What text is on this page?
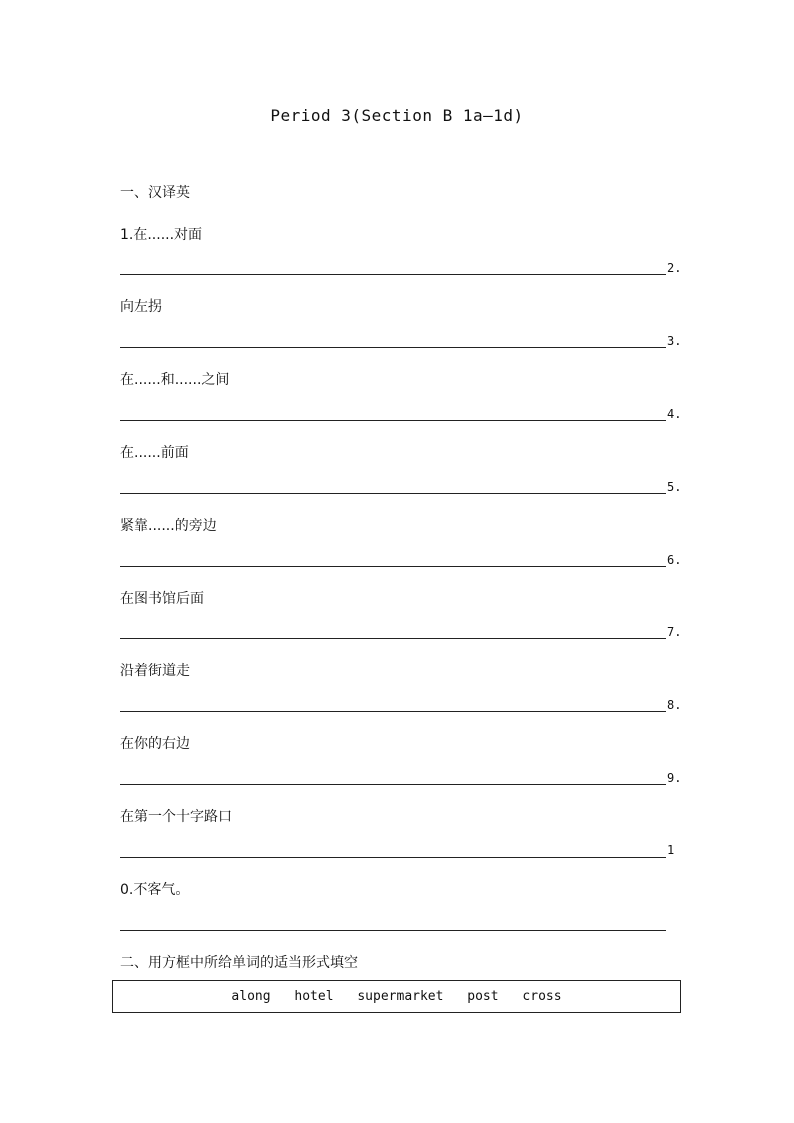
Period 3(Section B 1a—1d)
一、汉译英
1.在......对面
2.
向左拐
3.
在......和......之间
4.
在......前面
5.
紧靠......的旁边
6.
在图书馆后面
7.
沿着街道走
8.
在你的右边
9.
在第一个十字路口
1
0.不客气。
二、用方框中所给单词的适当形式填空
along hotel supermarket post cross
